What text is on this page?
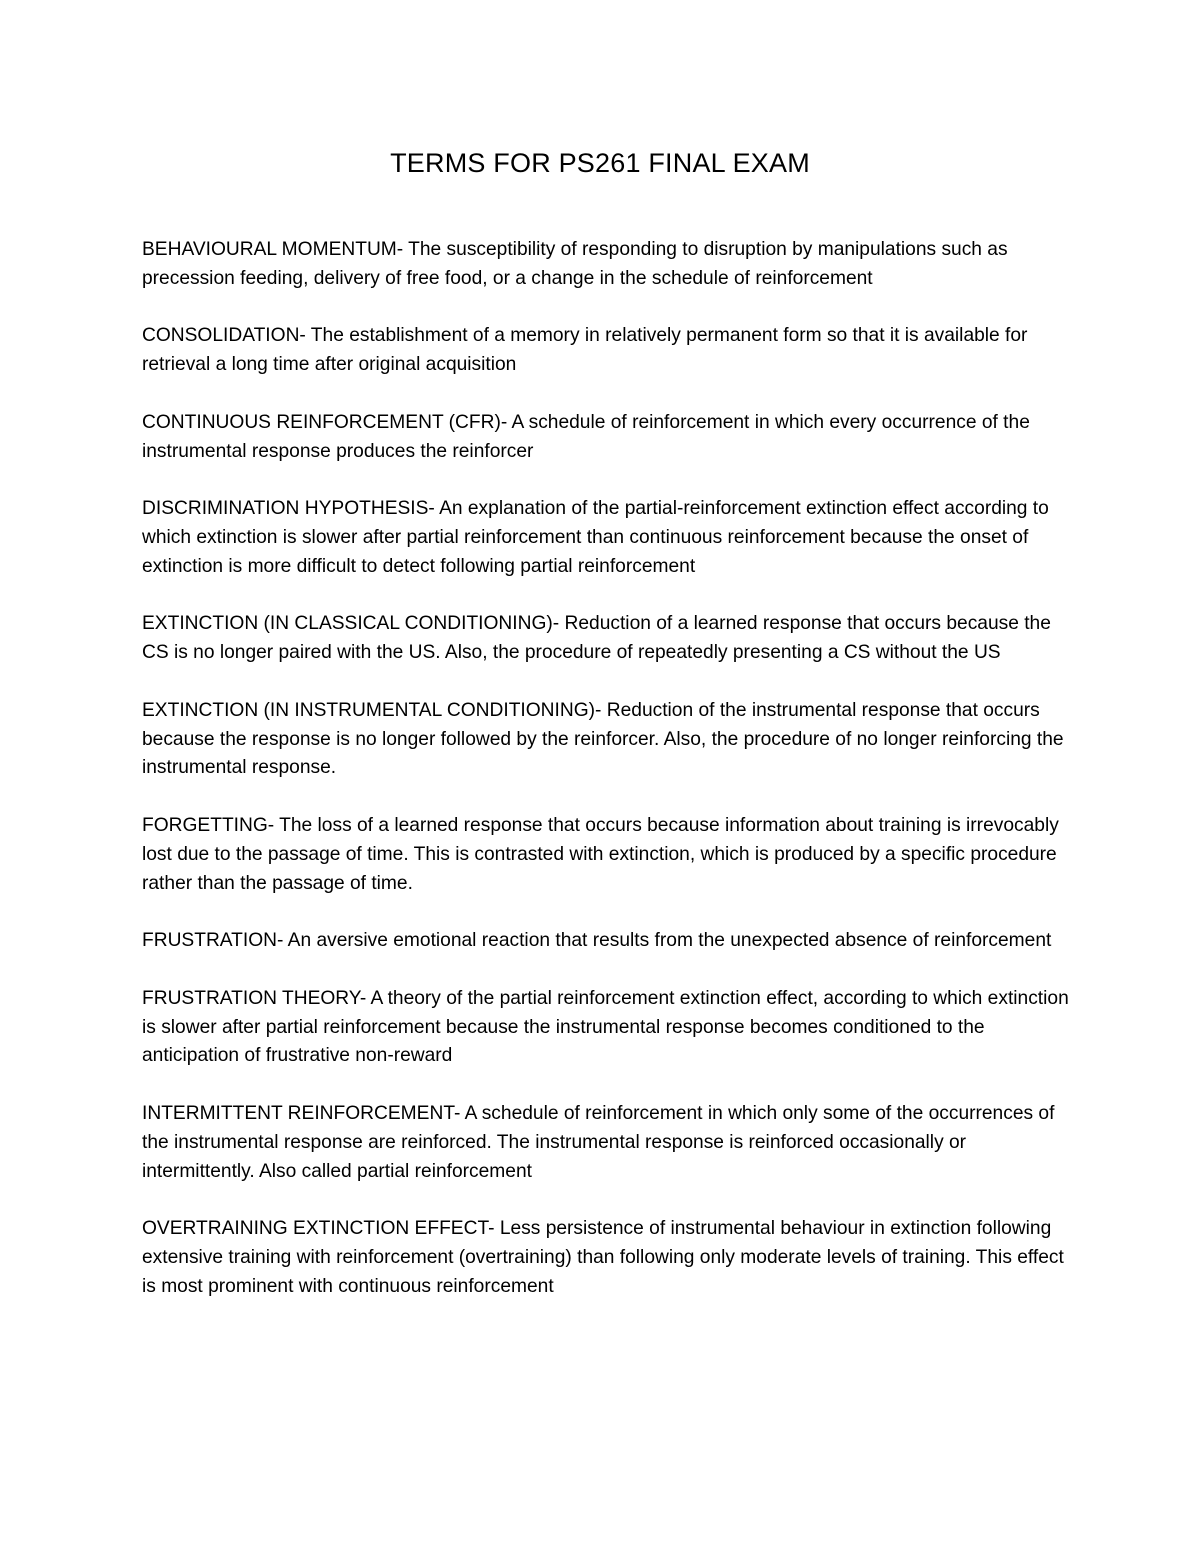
TERMS FOR PS261 FINAL EXAM

BEHAVIOURAL MOMENTUM- The susceptibility of responding to disruption by manipulations such as precession feeding, delivery of free food, or a change in the schedule of reinforcement

CONSOLIDATION- The establishment of a memory in relatively permanent form so that it is available for retrieval a long time after original acquisition

CONTINUOUS REINFORCEMENT (CFR)- A schedule of reinforcement in which every occurrence of the instrumental response produces the reinforcer

DISCRIMINATION HYPOTHESIS- An explanation of the partial-reinforcement extinction effect according to which extinction is slower after partial reinforcement than continuous reinforcement because the onset of extinction is more difficult to detect following partial reinforcement

EXTINCTION (IN CLASSICAL CONDITIONING)- Reduction of a learned response that occurs because the CS is no longer paired with the US. Also, the procedure of repeatedly presenting a CS without the US

EXTINCTION (IN INSTRUMENTAL CONDITIONING)- Reduction of the instrumental response that occurs because the response is no longer followed by the reinforcer. Also, the procedure of no longer reinforcing the instrumental response.

FORGETTING- The loss of a learned response that occurs because information about training is irrevocably lost due to the passage of time. This is contrasted with extinction, which is produced by a specific procedure rather than the passage of time.

FRUSTRATION- An aversive emotional reaction that results from the unexpected absence of reinforcement

FRUSTRATION THEORY- A theory of the partial reinforcement extinction effect, according to which extinction is slower after partial reinforcement because the instrumental response becomes conditioned to the anticipation of frustrative non-reward

INTERMITTENT REINFORCEMENT- A schedule of reinforcement in which only some of the occurrences of the instrumental response are reinforced. The instrumental response is reinforced occasionally or intermittently. Also called partial reinforcement

OVERTRAINING EXTINCTION EFFECT- Less persistence of instrumental behaviour in extinction following extensive training with reinforcement (overtraining) than following only moderate levels of training. This effect is most prominent with continuous reinforcement
